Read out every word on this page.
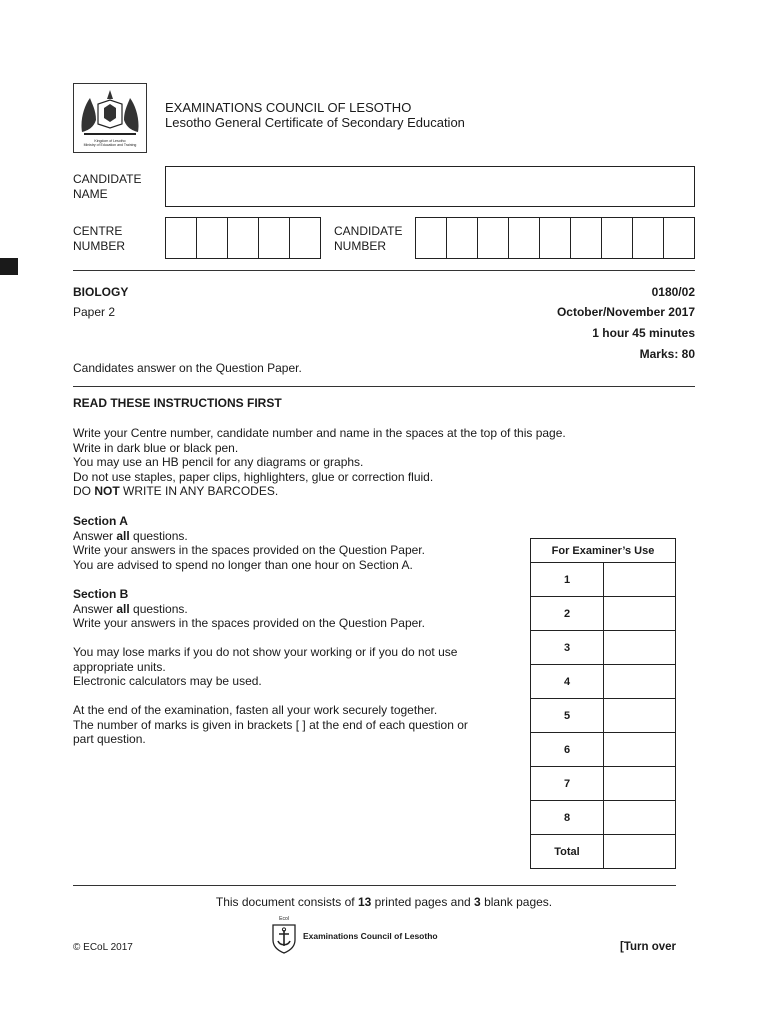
Kingdom of Lesotho
Ministry of Education and Training
EXAMINATIONS COUNCIL OF LESOTHO
Lesotho General Certificate of Secondary Education
CANDIDATE
NAME
CENTRE
NUMBER
CANDIDATE
NUMBER
BIOLOGY
Paper 2
0180/02
October/November 2017
1 hour 45 minutes
Marks: 80
Candidates answer on the Question Paper.
READ THESE INSTRUCTIONS FIRST
Write your Centre number, candidate number and name in the spaces at the top of this page.
Write in dark blue or black pen.
You may use an HB pencil for any diagrams or graphs.
Do not use staples, paper clips, highlighters, glue or correction fluid.
DO NOT WRITE IN ANY BARCODES.
Section A
Answer all questions.
Write your answers in the spaces provided on the Question Paper.
You are advised to spend no longer than one hour on Section A.
Section B
Answer all questions.
Write your answers in the spaces provided on the Question Paper.
You may lose marks if you do not show your working or if you do not use
appropriate units.
Electronic calculators may be used.
At the end of the examination, fasten all your work securely together.
The number of marks is given in brackets [ ] at the end of each question or
part question.
For Examiner’s Use	
1	
2	
3	
4	
5	
6	
7	
8	
Total	
This document consists of 13 printed pages and 3 blank pages.
© ECoL 2017
Ecol
Examinations Council of Lesotho
[Turn over
